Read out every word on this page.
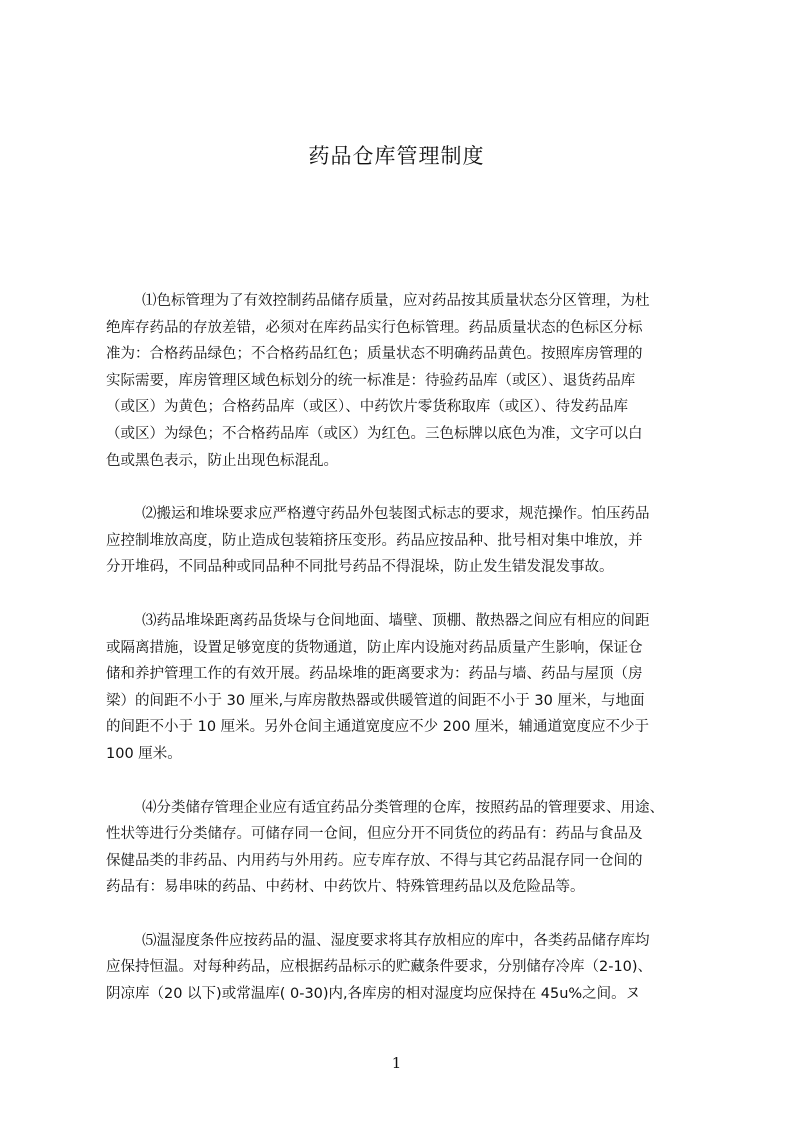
药品仓库管理制度
⑴色标管理为了有效控制药品储存质量，应对药品按其质量状态分区管理，为杜
绝库存药品的存放差错，必须对在库药品实行色标管理。药品质量状态的色标区分标
准为：合格药品绿色；不合格药品红色；质量状态不明确药品黄色。按照库房管理的
实际需要，库房管理区域色标划分的统一标准是：待验药品库（或区）、退货药品库
（或区）为黄色；合格药品库（或区）、中药饮片零货称取库（或区）、待发药品库
（或区）为绿色；不合格药品库（或区）为红色。三色标牌以底色为准，文字可以白
色或黑色表示，防止出现色标混乱。
⑵搬运和堆垛要求应严格遵守药品外包装图式标志的要求，规范操作。怕压药品
应控制堆放高度，防止造成包装箱挤压变形。药品应按品种、批号相对集中堆放，并
分开堆码，不同品种或同品种不同批号药品不得混垛，防止发生错发混发事故。
⑶药品堆垛距离药品货垛与仓间地面、墙壁、顶棚、散热器之间应有相应的间距
或隔离措施，设置足够宽度的货物通道，防止库内设施对药品质量产生影响，保证仓
储和养护管理工作的有效开展。药品垛堆的距离要求为：药品与墙、药品与屋顶（房
梁）的间距不小于 30 厘米,与库房散热器或供暖管道的间距不小于 30 厘米，与地面
的间距不小于 10 厘米。另外仓间主通道宽度应不少 200 厘米，辅通道宽度应不少于
100 厘米。
⑷分类储存管理企业应有适宜药品分类管理的仓库，按照药品的管理要求、用途、
性状等进行分类储存。可储存同一仓间，但应分开不同货位的药品有：药品与食品及
保健品类的非药品、内用药与外用药。应专库存放、不得与其它药品混存同一仓间的
药品有：易串味的药品、中药材、中药饮片、特殊管理药品以及危险品等。
⑸温湿度条件应按药品的温、湿度要求将其存放相应的库中，各类药品储存库均
应保持恒温。对每种药品，应根据药品标示的贮藏条件要求，分别储存冷库（2-10)、
阴凉库（20 以下)或常温库( 0-30)内,各库房的相对湿度均应保持在 45u%之间。ヌ
1
